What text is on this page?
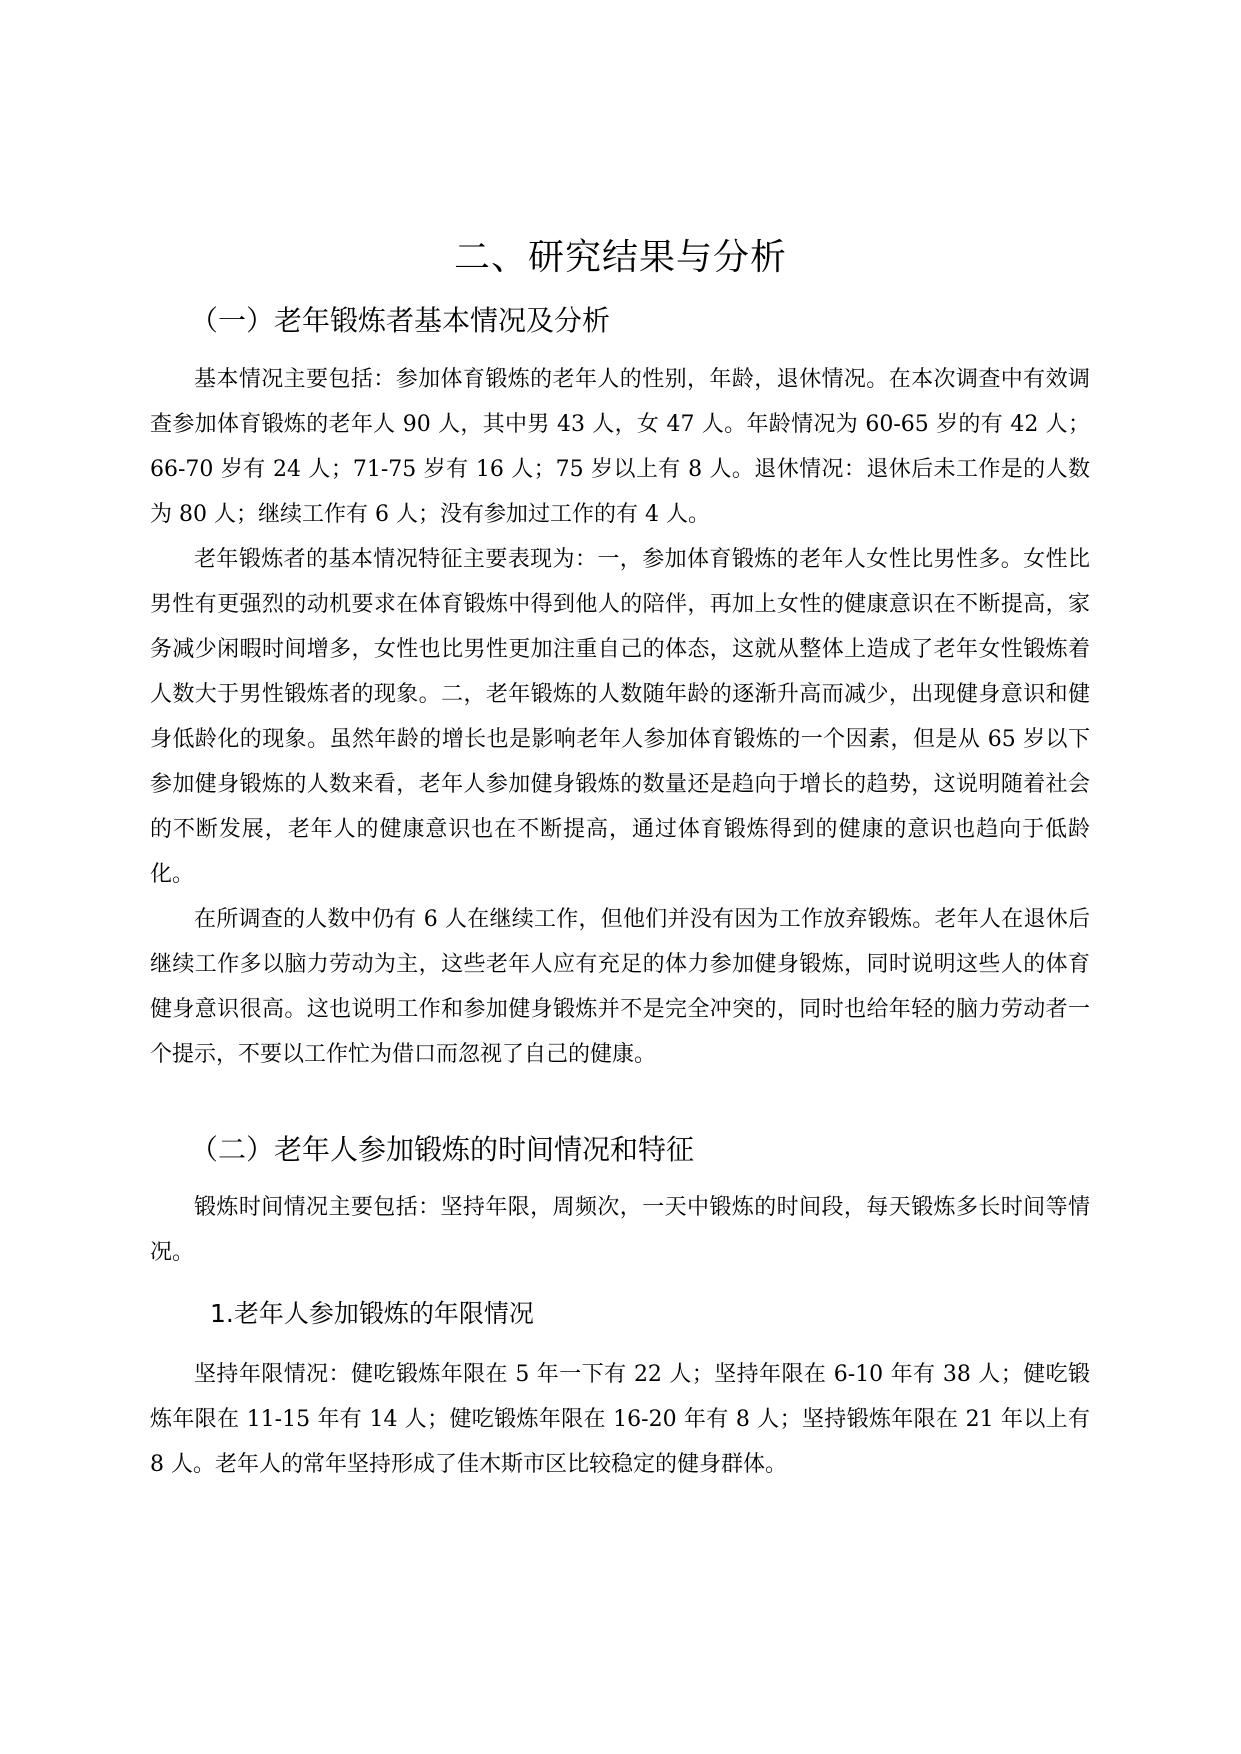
二、研究结果与分析
（一）老年锻炼者基本情况及分析

基本情况主要包括：参加体育锻炼的老年人的性别，年龄，退休情况。在本次调查中有效调查参加体育锻炼的老年人 90 人，其中男 43 人，女 47 人。年龄情况为 60-65 岁的有 42 人；66-70 岁有 24 人；71-75 岁有 16 人；75 岁以上有 8 人。退休情况：退休后未工作是的人数为 80 人；继续工作有 6 人；没有参加过工作的有 4 人。

老年锻炼者的基本情况特征主要表现为：一，参加体育锻炼的老年人女性比男性多。女性比男性有更强烈的动机要求在体育锻炼中得到他人的陪伴，再加上女性的健康意识在不断提高，家务减少闲暇时间增多，女性也比男性更加注重自己的体态，这就从整体上造成了老年女性锻炼着人数大于男性锻炼者的现象。二，老年锻炼的人数随年龄的逐渐升高而减少，出现健身意识和健身低龄化的现象。虽然年龄的增长也是影响老年人参加体育锻炼的一个因素，但是从 65 岁以下参加健身锻炼的人数来看，老年人参加健身锻炼的数量还是趋向于增长的趋势，这说明随着社会的不断发展，老年人的健康意识也在不断提高，通过体育锻炼得到的健康的意识也趋向于低龄化。

在所调查的人数中仍有 6 人在继续工作，但他们并没有因为工作放弃锻炼。老年人在退休后继续工作多以脑力劳动为主，这些老年人应有充足的体力参加健身锻炼，同时说明这些人的体育健身意识很高。这也说明工作和参加健身锻炼并不是完全冲突的，同时也给年轻的脑力劳动者一个提示，不要以工作忙为借口而忽视了自己的健康。

（二）老年人参加锻炼的时间情况和特征

锻炼时间情况主要包括：坚持年限，周频次，一天中锻炼的时间段，每天锻炼多长时间等情况。

1.老年人参加锻炼的年限情况

坚持年限情况：健吃锻炼年限在 5 年一下有 22 人；坚持年限在 6-10 年有 38 人；健吃锻炼年限在 11-15 年有 14 人；健吃锻炼年限在 16-20 年有 8 人；坚持锻炼年限在 21 年以上有 8 人。老年人的常年坚持形成了佳木斯市区比较稳定的健身群体。
